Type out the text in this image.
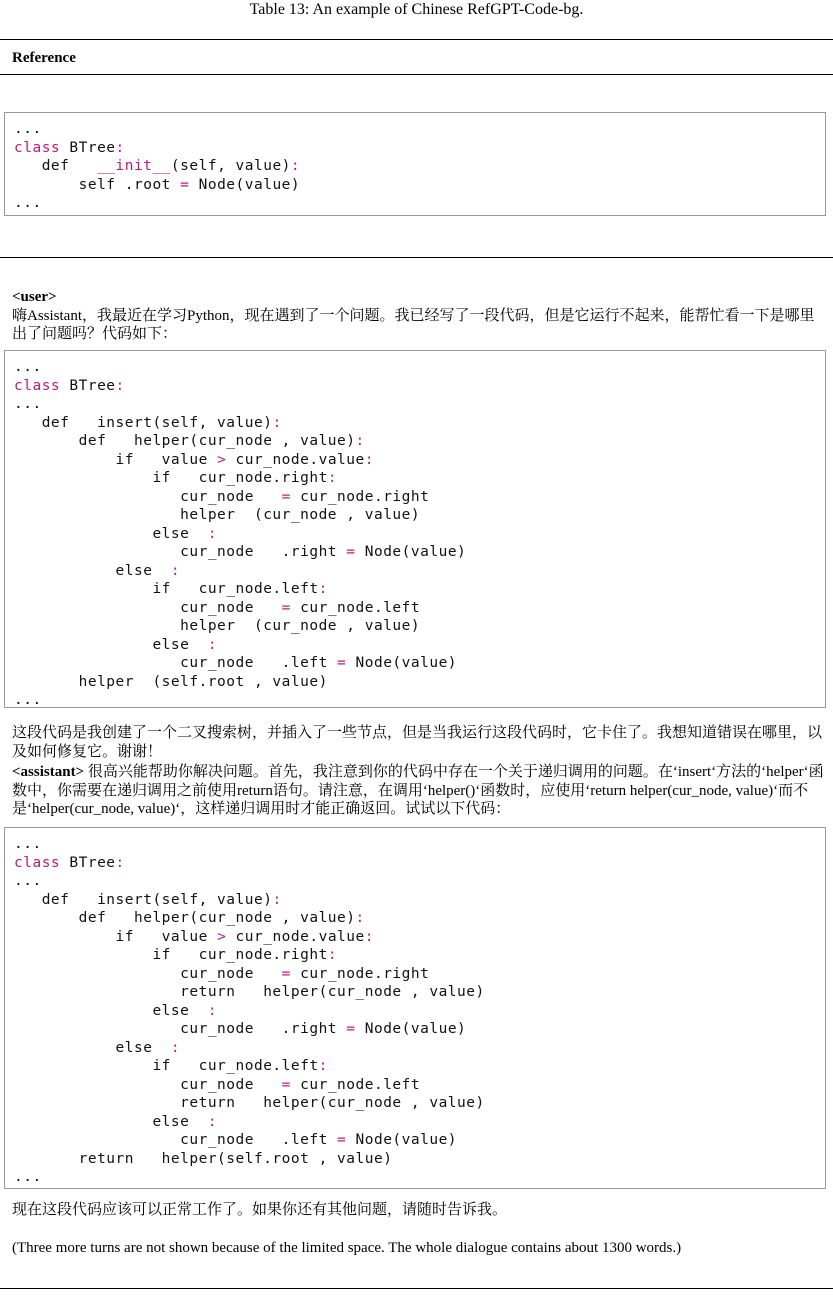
Table 13: An example of Chinese RefGPT-Code-bg.
Reference
...
class BTree:
def   __init__(self, value):
self .root = Node(value)
...
<user>
嗨Assistant，我最近在学习Python，现在遇到了一个问题。我已经写了一段代码，但是它运行不起来，能帮忙看一下是哪里出了问题吗？代码如下：
...
class BTree:
...
def   insert(self, value):
def   helper(cur_node , value):
if   value > cur_node.value:
if   cur_node.right:
cur_node   = cur_node.right
helper  (cur_node , value)
else  :
cur_node   .right = Node(value)
else  :
if   cur_node.left:
cur_node   = cur_node.left
helper  (cur_node , value)
else  :
cur_node   .left = Node(value)
helper  (self.root , value)
...
这段代码是我创建了一个二叉搜索树，并插入了一些节点，但是当我运行这段代码时，它卡住了。我想知道错误在哪里，以及如何修复它。谢谢！
<assistant> 很高兴能帮助你解决问题。首先，我注意到你的代码中存在一个关于递归调用的问题。在‘insert‘方法的‘helper‘函数中，你需要在递归调用之前使用return语句。请注意，在调用‘helper()‘函数时，应使用‘return helper(cur_node, value)‘而不是‘helper(cur_node, value)‘，这样递归调用时才能正确返回。试试以下代码：
...
class BTree:
...
def   insert(self, value):
def   helper(cur_node , value):
if   value > cur_node.value:
if   cur_node.right:
cur_node   = cur_node.right
return   helper(cur_node , value)
else  :
cur_node   .right = Node(value)
else  :
if   cur_node.left:
cur_node   = cur_node.left
return   helper(cur_node , value)
else  :
cur_node   .left = Node(value)
return   helper(self.root , value)
...
现在这段代码应该可以正常工作了。如果你还有其他问题，请随时告诉我。
(Three more turns are not shown because of the limited space. The whole dialogue contains about 1300 words.)
